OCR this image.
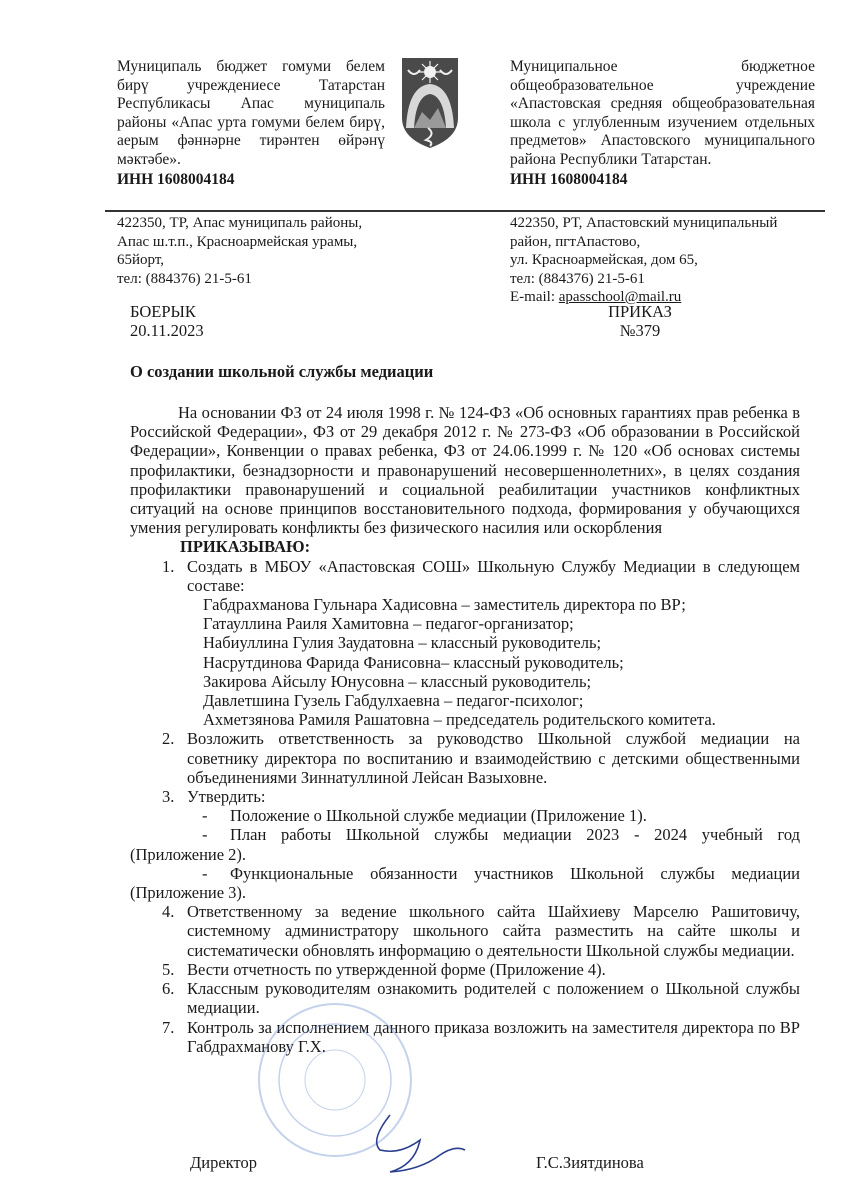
Муниципаль бюджет гомуми белем бирү учреждениесе Татарстан Республикасы Апас муниципаль районы «Апас урта гомуми белем бирү, аерым фәннәрне тирәнтен өйрәнү мәктәбе».
ИНН 1608004184
Муниципальное бюджетное общеобразовательное учреждение «Апастовская средняя общеобразовательная школа с углубленным изучением отдельных предметов» Апастовского муниципального района Республики Татарстан.
ИНН 1608004184
422350, ТР, Апас муниципаль районы,
Апас ш.т.п., Красноармейская урамы,
65йорт,
тел: (884376) 21-5-61
422350, РТ, Апастовский муниципальный
район, пгтАпастово,
ул. Красноармейская, дом 65,
тел: (884376) 21-5-61
E-mail: apasschool@mail.ru
БОЕРЫК
20.11.2023
ПРИКАЗ
№379
О создании школьной службы медиации

На основании ФЗ от 24 июля 1998 г. № 124-ФЗ «Об основных гарантиях прав ребенка в Российской Федерации», ФЗ от 29 декабря 2012 г. № 273-ФЗ «Об образовании в Российской Федерации», Конвенции о правах ребенка, ФЗ от 24.06.1999 г. № 120 «Об основах системы профилактики, безнадзорности и правонарушений несовершеннолетних», в целях создания профилактики правонарушений и социальной реабилитации участников конфликтных ситуаций на основе принципов восстановительного подхода, формирования у обучающихся умения регулировать конфликты без физического насилия или оскорбления

ПРИКАЗЫВАЮ:
1. Создать в МБОУ «Апастовская СОШ» Школьную Службу Медиации в следующем составе:
Габдрахманова Гульнара Хадисовна – заместитель директора по ВР;
Гатауллина Раиля Хамитовна – педагог-организатор;
Набиуллина Гулия Заудатовна – классный руководитель;
Насрутдинова Фарида Фанисовна– классный руководитель;
Закирова Айсылу Юнусовна – классный руководитель;
Давлетшина Гузель Габдулхаевна – педагог-психолог;
Ахметзянова Рамиля Рашатовна – председатель родительского комитета.
2. Возложить ответственность за руководство Школьной службой медиации на советнику директора по воспитанию и взаимодействию с детскими общественными объединениями Зиннатуллиной Лейсан Вазыховне.
3. Утвердить:
- Положение о Школьной службе медиации (Приложение 1).
- План работы Школьной службы медиации 2023 - 2024 учебный год (Приложение 2).
- Функциональные обязанности участников Школьной службы медиации (Приложение 3).
4. Ответственному за ведение школьного сайта Шайхиеву Марселю Рашитовичу, системному администратору школьного сайта разместить на сайте школы и систематически обновлять информацию о деятельности Школьной службы медиации.
5. Вести отчетность по утвержденной форме (Приложение 4).
6. Классным руководителям ознакомить родителей с положением о Школьной службы медиации.
7. Контроль за исполнением данного приказа возложить на заместителя директора по ВР Габдрахманову Г.Х.
Директор	Г.С.Зиятдинова
